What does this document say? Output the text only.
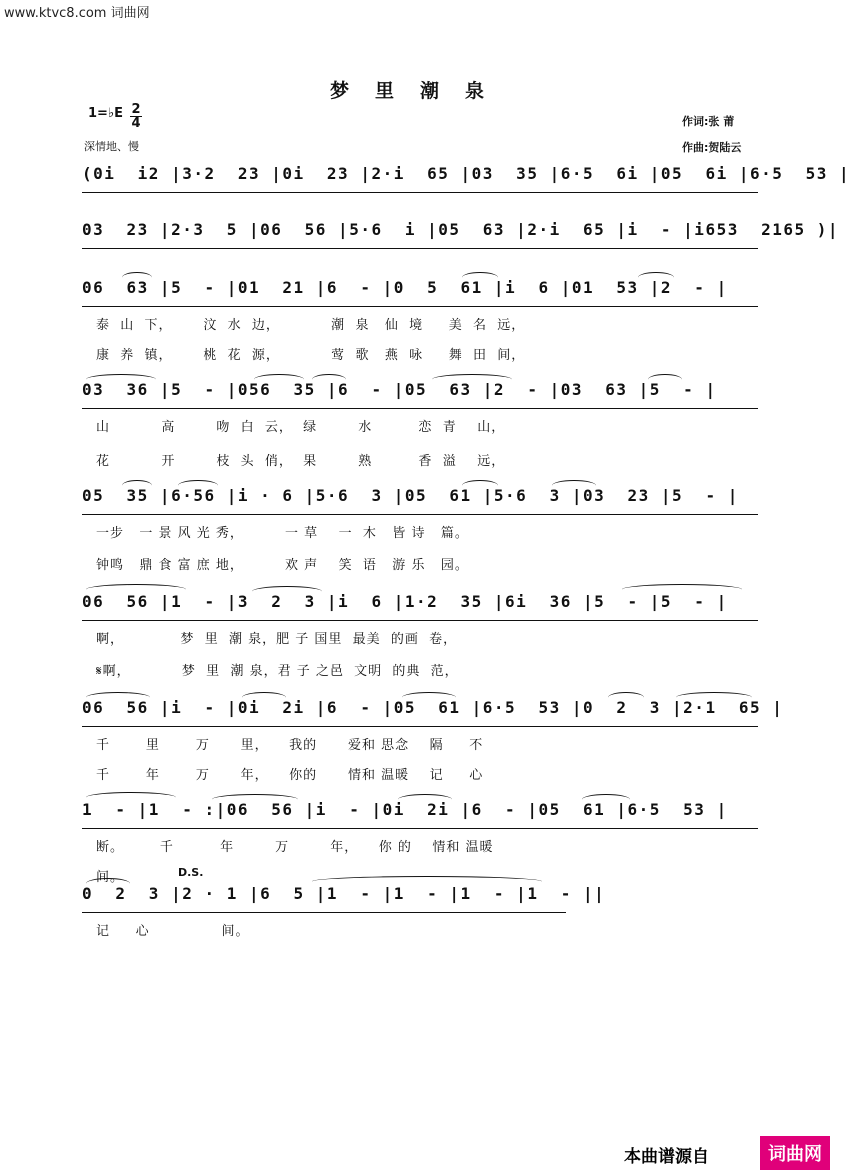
www.ktvc8.com 词曲网
梦里潮泉
1=♭E 2
4
深情地、慢
作词:张 莆
作曲:贺陆云
(0i  i2 |3·2  23 |0i  23 |2·i  65 |03  35 |6·5  6i |05  6i |6·5  53 |
03  23 |2·3  5 |06  56 |5·6  i |05  63 |2·i  65 |i  - |i653  2165 )|
06  63 |5  - |01  21 |6  - |0  5  61 |i  6 |01  53 |2  - |
泰  山  下，      汶  水  边，          潮  泉   仙  境     美  名  远，
康  养  镇，      桃  花  源，          莺  歌   燕  咏     舞  田  间，
03  36 |5  - |056  35 |6  - |05  63 |2  - |03  63 |5  - |
山          高        吻  白  云，  绿        水         恋  青    山，
花          开        枝  头  俏，  果        熟         香  溢    远，
05  35 |6·56 |i · 6 |5·6  3 |05  61 |5·6  3 |03  23 |5  - |
一步   一 景 风 光 秀，        一 草    一  木   皆 诗   篇。
钟鸣   鼎 食 富 庶 地，        欢 声    笑  语   游 乐   园。
06  56 |1  - |3  2  3 |i  6 |1·2  35 |6i  36 |5  - |5  - |
啊，           梦  里  潮 泉，肥 子 国里  最美  的画  卷，
𝄋啊，          梦  里  潮 泉，君 子 之邑  文明  的典  范，
06  56 |i  - |0i  2i |6  - |05  61 |6·5  53 |0  2  3 |2·1  65 |
千       里       万      里，    我的      爱和 思念    隔     不
千       年       万      年，    你的      情和 温暖    记     心
1  - |1  - :|06  56 |i  - |0i  2i |6  - |05  61 |6·5  53 |
断。       千         年        万        年，    你 的    情和 温暖
间。	D.S.
0  2  3 |2 · 1 |6  5 |1  - |1  - |1  - |1  - ||
记     心              间。
本曲谱源自	词曲网
